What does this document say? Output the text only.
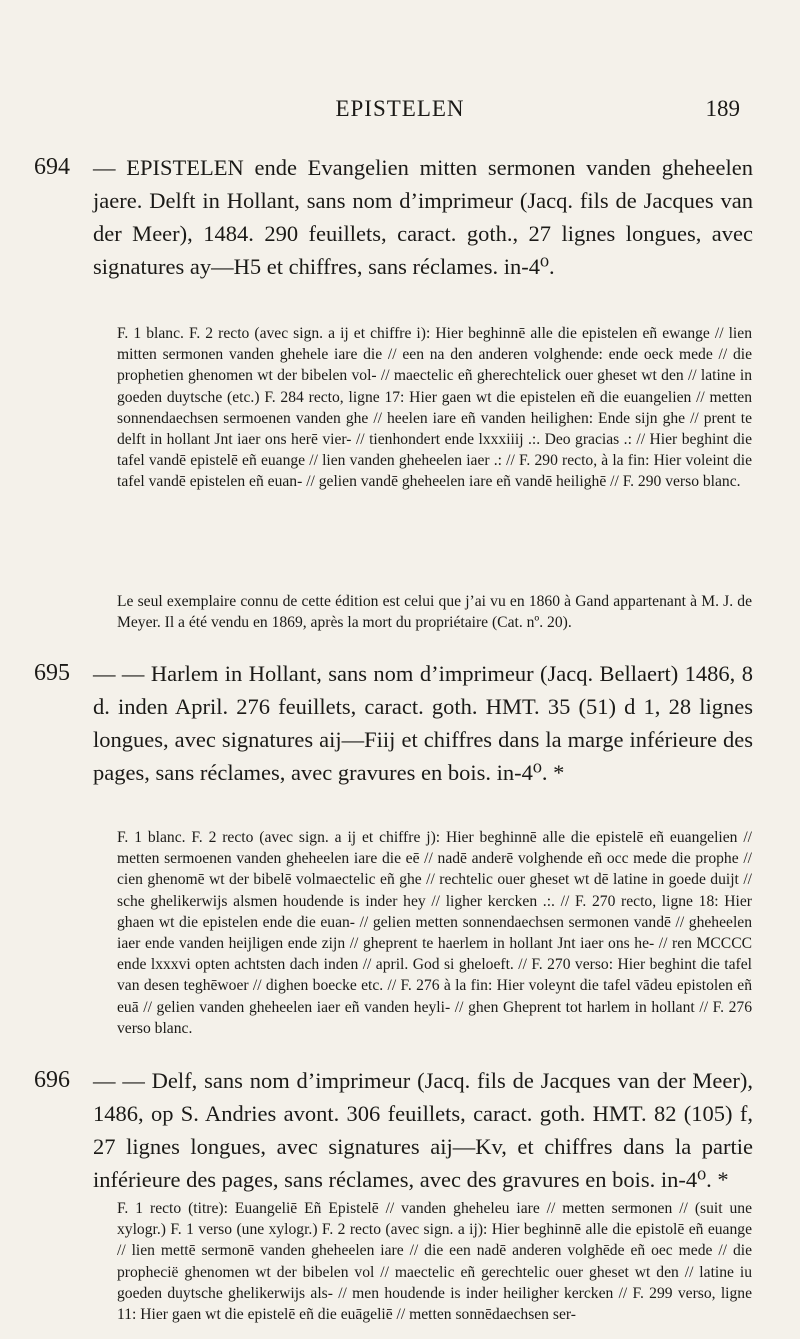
EPISTELEN	189
694 — EPISTELEN ende Evangelien mitten sermonen vanden gheheelen jaere. Delft in Hollant, sans nom d’imprimeur (Jacq. fils de Jacques van der Meer), 1484. 290 feuillets, caract. goth., 27 lignes longues, avec signatures ay—H5 et chiffres, sans réclames. in-4⁰.
F. 1 blanc. F. 2 recto (avec sign. a ij et chiffre i): Hier beghinnē alle die epistelen eñ ewange // lien mitten sermonen vanden ghehele iare die // een na den anderen volghende: ende oeck mede // die prophetien ghenomen wt der bibelen vol- // maectelic eñ gherechtelick ouer gheset wt den // latine in goeden duytsche (etc.) F. 284 recto, ligne 17: Hier gaen wt die epistelen eñ die euangelien // metten sonnendaechsen sermoenen vanden ghe // heelen iare eñ vanden heilighen: Ende sijn ghe // prent te delft in hollant Jnt iaer ons herē vier- // tienhondert ende lxxxiiij .:. Deo gracias .: // Hier beghint die tafel vandē epistelē eñ euange // lien vanden gheheelen iaer .: // F. 290 recto, à la fin: Hier voleint die tafel vandē epistelen eñ euan- // gelien vandē gheheelen iare eñ vandē heilighē // F. 290 verso blanc.
Le seul exemplaire connu de cette édition est celui que j’ai vu en 1860 à Gand appartenant à M. J. de Meyer. Il a été vendu en 1869, après la mort du propriétaire (Cat. nº. 20).
695 — — Harlem in Hollant, sans nom d’imprimeur (Jacq. Bellaert) 1486, 8 d. inden April. 276 feuillets, caract. goth. HMT. 35 (51) d 1, 28 lignes longues, avec signatures aij—Fiij et chiffres dans la marge inférieure des pages, sans réclames, avec gravures en bois. in-4⁰. *
F. 1 blanc. F. 2 recto (avec sign. a ij et chiffre j): Hier beghinnē alle die epistelē eñ euangelien // metten sermoenen vanden gheheelen iare die eē // nadē anderē volghende eñ occ mede die prophe // cien ghenomē wt der bibelē volmaectelic eñ ghe // rechtelic ouer gheset wt dē latine in goede duijt // sche ghelikerwijs alsmen houdende is inder hey // ligher kercken .:. // F. 270 recto, ligne 18: Hier ghaen wt die epistelen ende die euan- // gelien metten sonnendaechsen sermonen vandē // gheheelen iaer ende vanden heijligen ende zijn // gheprent te haerlem in hollant Jnt iaer ons he- // ren MCCCC ende lxxxvi opten achtsten dach inden // april. God si gheloeft. // F. 270 verso: Hier beghint die tafel van desen teghēwoer // dighen boecke etc. // F. 276 à la fin: Hier voleynt die tafel vādeu epistolen eñ euā // gelien vanden gheheelen iaer eñ vanden heyli- // ghen Gheprent tot harlem in hollant // F. 276 verso blanc.
696 — — Delf, sans nom d’imprimeur (Jacq. fils de Jacques van der Meer), 1486, op S. Andries avont. 306 feuillets, caract. goth. HMT. 82 (105) f, 27 lignes longues, avec signatures aij—Kv, et chiffres dans la partie inférieure des pages, sans réclames, avec des gravures en bois. in-4⁰. *
F. 1 recto (titre): Euangeliē Eñ Epistelē // vanden gheheleu iare // metten sermonen // (suit une xylogr.) F. 1 verso (une xylogr.) F. 2 recto (avec sign. a ij): Hier beghinnē alle die epistolē eñ euange // lien mettē sermonē vanden gheheelen iare // die een nadē anderen volghēde eñ oec mede // die prophecië ghenomen wt der bibelen vol // maectelic eñ gerechtelic ouer gheset wt den // latine iu goeden duytsche ghelikerwijs als- // men houdende is inder heiligher kercken // F. 299 verso, ligne 11: Hier gaen wt die epistelē eñ die euāgeliē // metten sonnēdaechsen ser-
